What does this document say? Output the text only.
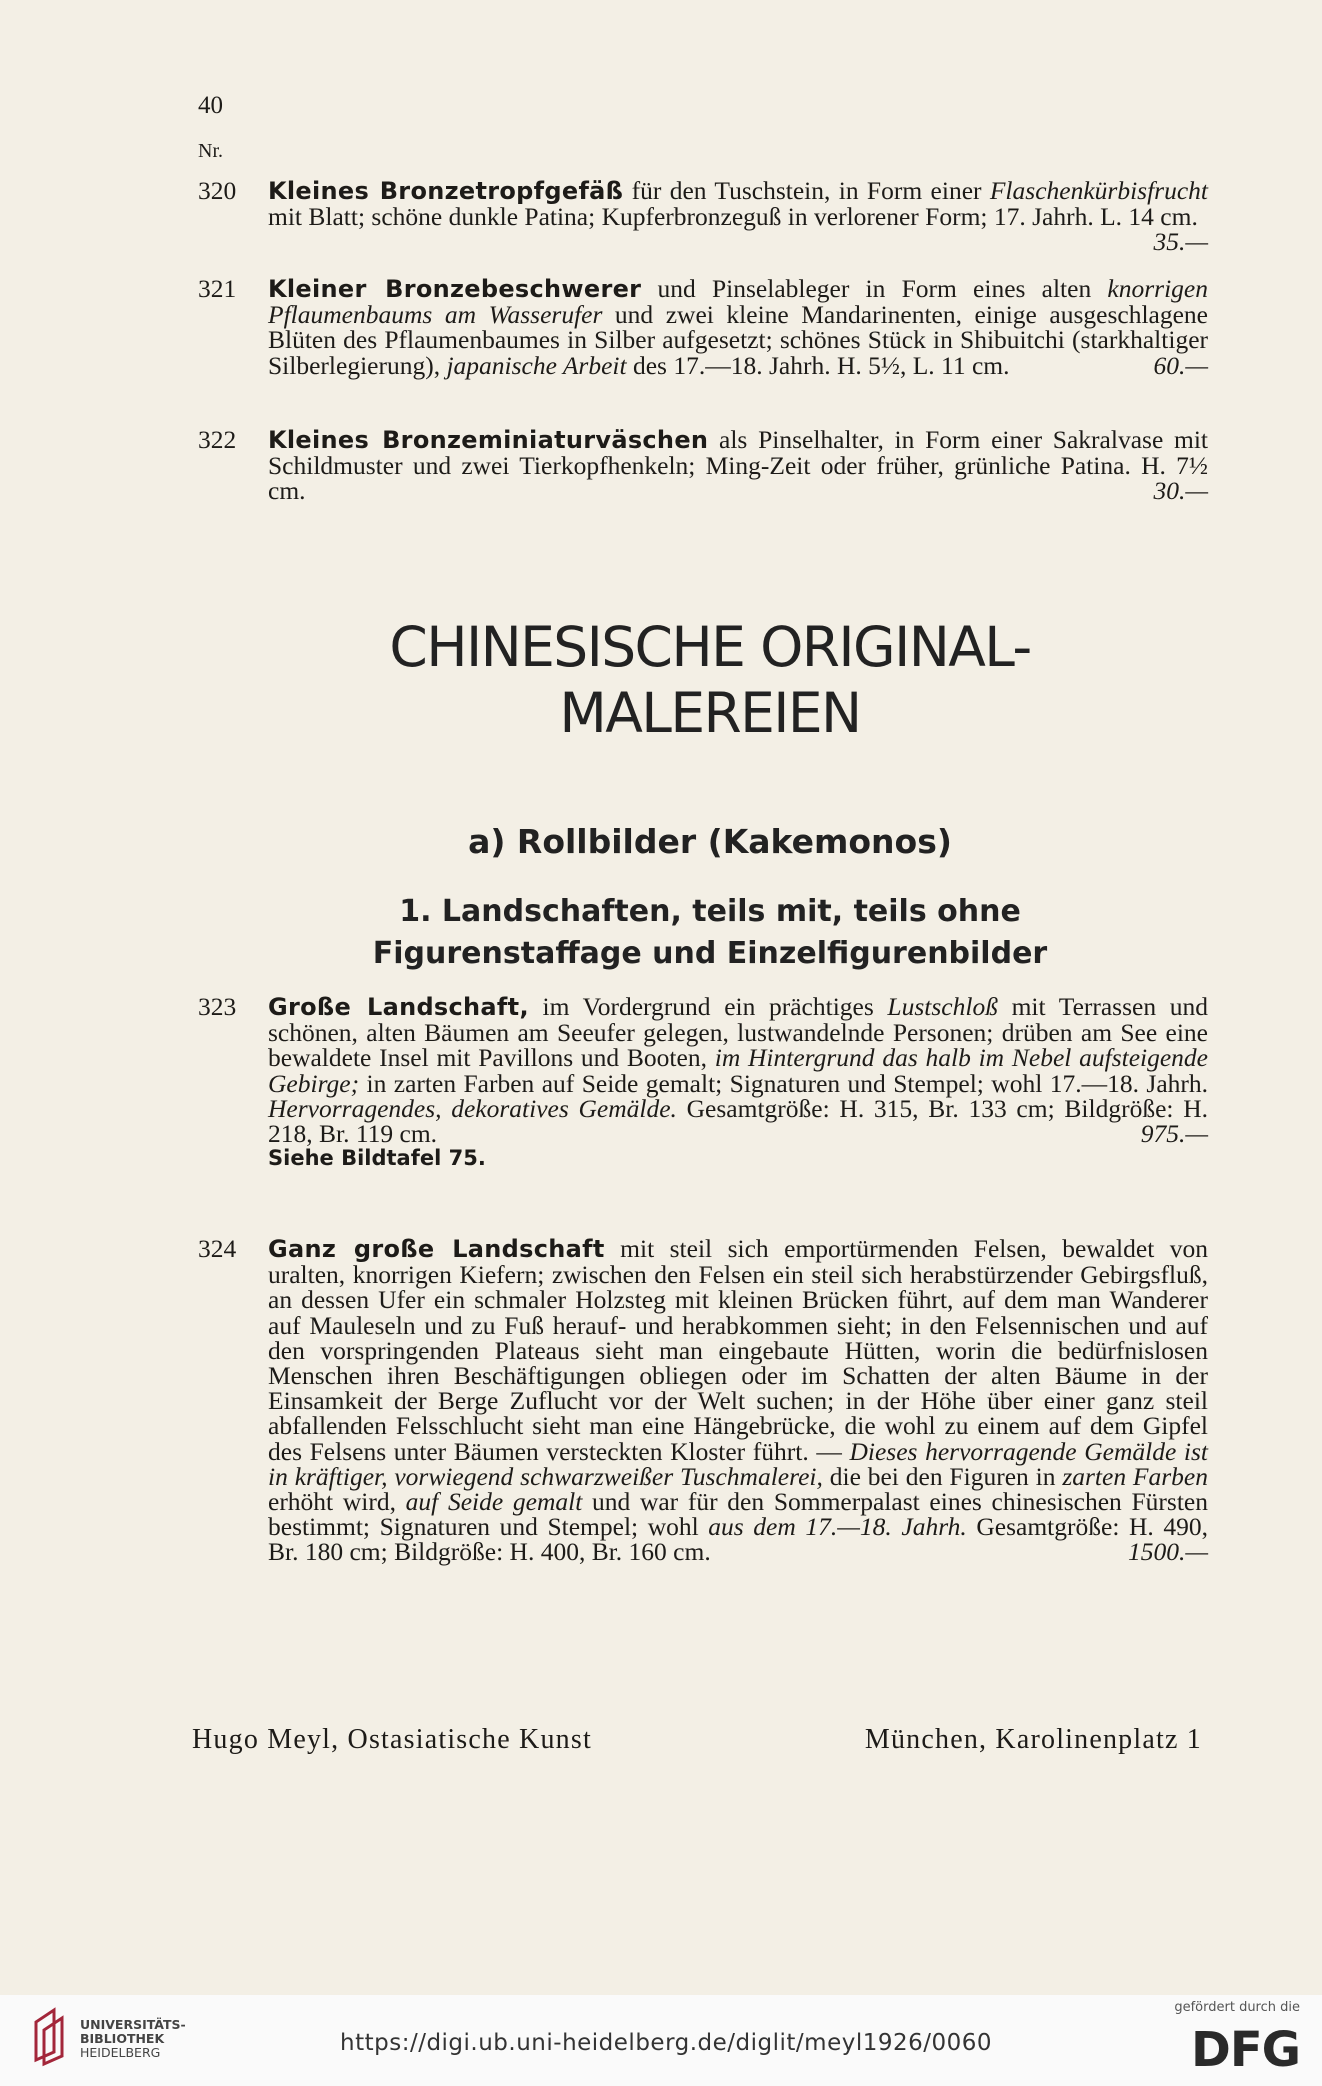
40
Nr.
320 Kleines Bronzetropfgefäß für den Tuschstein, in Form einer Flaschenkürbisfrucht mit Blatt; schöne dunkle Patina; Kupferbronzeguß in verlorener Form; 17. Jahrh. L. 14 cm.
35.—
321 Kleiner Bronzebeschwerer und Pinselableger in Form eines alten knorrigen Pflaumenbaums am Wasserufer und zwei kleine Mandarinenten, einige ausgeschlagene Blüten des Pflaumenbaumes in Silber aufgesetzt; schönes Stück in Shibuitchi (starkhaltiger Silberlegierung), japanische Arbeit des 17.—18. Jahrh. H. 5½, L. 11 cm.	60.—
322 Kleines Bronzeminiaturväschen als Pinselhalter, in Form einer Sakralvase mit Schildmuster und zwei Tierkopfhenkeln; Ming-Zeit oder früher, grünliche Patina. H. 7½ cm.	30.—
CHINESISCHE ORIGINAL-
MALEREIEN
a) Rollbilder (Kakemonos)
1. Landschaften, teils mit, teils ohne
Figurenstaffage und Einzelfigurenbilder
323 Große Landschaft, im Vordergrund ein prächtiges Lustschloß mit Terrassen und schönen, alten Bäumen am Seeufer gelegen, lustwandelnde Personen; drüben am See eine bewaldete Insel mit Pavillons und Booten, im Hintergrund das halb im Nebel aufsteigende Gebirge; in zarten Farben auf Seide gemalt; Signaturen und Stempel; wohl 17.—18. Jahrh. Hervorragendes, dekoratives Gemälde. Gesamtgröße: H. 315, Br. 133 cm; Bildgröße: H. 218, Br. 119 cm.	975.—
Siehe Bildtafel 75.
324 Ganz große Landschaft mit steil sich emportürmenden Felsen, bewaldet von uralten, knorrigen Kiefern; zwischen den Felsen ein steil sich herabstürzender Gebirgsfluß, an dessen Ufer ein schmaler Holzsteg mit kleinen Brücken führt, auf dem man Wanderer auf Mauleseln und zu Fuß herauf- und herabkommen sieht; in den Felsennischen und auf den vorspringenden Plateaus sieht man eingebaute Hütten, worin die bedürfnislosen Menschen ihren Beschäftigungen obliegen oder im Schatten der alten Bäume in der Einsamkeit der Berge Zuflucht vor der Welt suchen; in der Höhe über einer ganz steil abfallenden Felsschlucht sieht man eine Hängebrücke, die wohl zu einem auf dem Gipfel des Felsens unter Bäumen versteckten Kloster führt. — Dieses hervorragende Gemälde ist in kräftiger, vorwiegend schwarzweißer Tuschmalerei, die bei den Figuren in zarten Farben erhöht wird, auf Seide gemalt und war für den Sommerpalast eines chinesischen Fürsten bestimmt; Signaturen und Stempel; wohl aus dem 17.—18. Jahrh. Gesamtgröße: H. 490, Br. 180 cm; Bildgröße: H. 400, Br. 160 cm.	1500.—
Hugo Meyl, Ostasiatische Kunst	München, Karolinenplatz 1
UNIVERSITÄTS-
BIBLIOTHEK
HEIDELBERG	https://digi.ub.uni-heidelberg.de/diglit/meyl1926/0060
gefördert durch die
DFG
